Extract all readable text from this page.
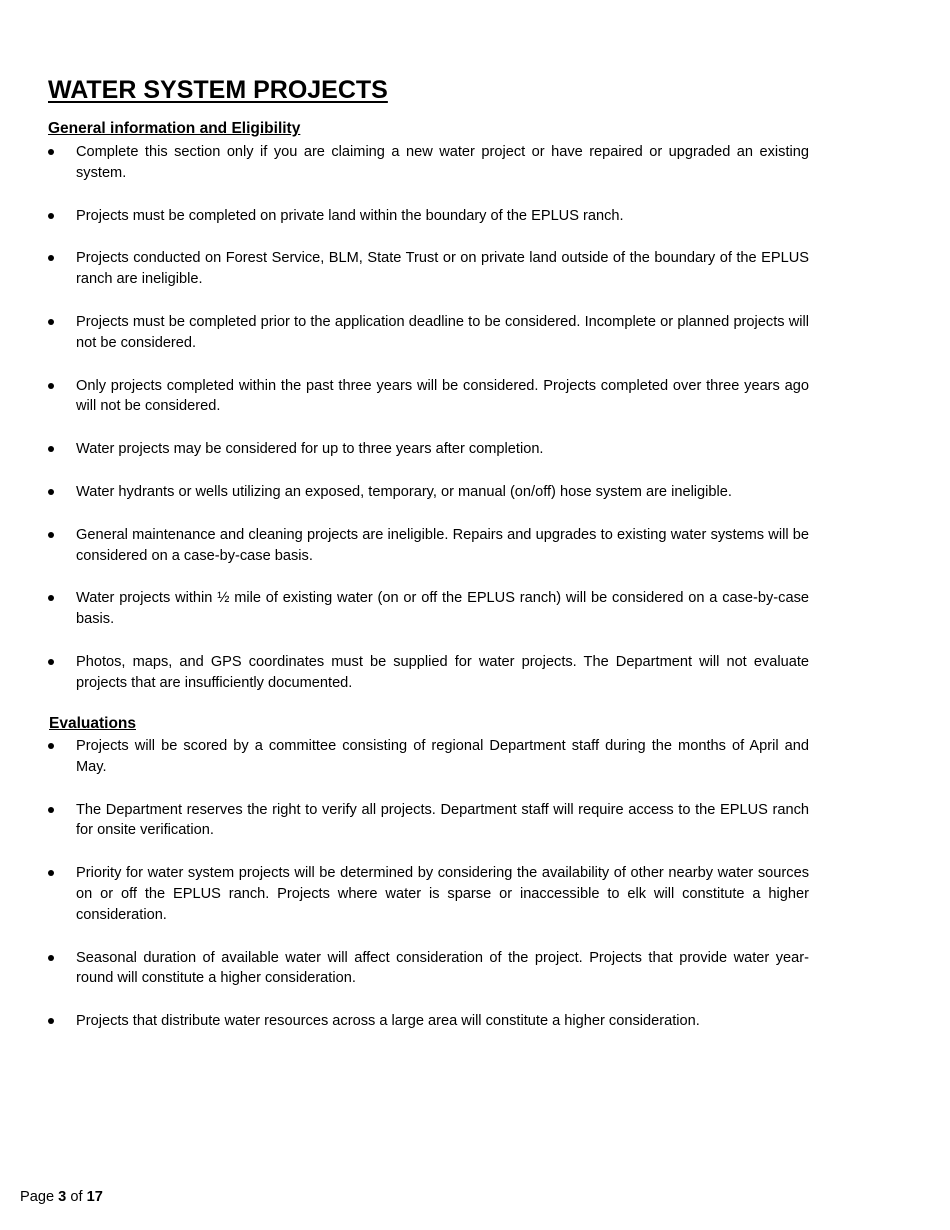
WATER SYSTEM PROJECTS
General information and Eligibility
Complete this section only if you are claiming a new water project or have repaired or upgraded an existing system.
Projects must be completed on private land within the boundary of the EPLUS ranch.
Projects conducted on Forest Service, BLM, State Trust or on private land outside of the boundary of the EPLUS ranch are ineligible.
Projects must be completed prior to the application deadline to be considered. Incomplete or planned projects will not be considered.
Only projects completed within the past three years will be considered. Projects completed over three years ago will not be considered.
Water projects may be considered for up to three years after completion.
Water hydrants or wells utilizing an exposed, temporary, or manual (on/off) hose system are ineligible.
General maintenance and cleaning projects are ineligible. Repairs and upgrades to existing water systems will be considered on a case-by-case basis.
Water projects within ½ mile of existing water (on or off the EPLUS ranch) will be considered on a case-by-case basis.
Photos, maps, and GPS coordinates must be supplied for water projects. The Department will not evaluate projects that are insufficiently documented.
Evaluations
Projects will be scored by a committee consisting of regional Department staff during the months of April and May.
The Department reserves the right to verify all projects. Department staff will require access to the EPLUS ranch for onsite verification.
Priority for water system projects will be determined by considering the availability of other nearby water sources on or off the EPLUS ranch. Projects where water is sparse or inaccessible to elk will constitute a higher consideration.
Seasonal duration of available water will affect consideration of the project. Projects that provide water year-round will constitute a higher consideration.
Projects that distribute water resources across a large area will constitute a higher consideration.
Page 3 of 17
